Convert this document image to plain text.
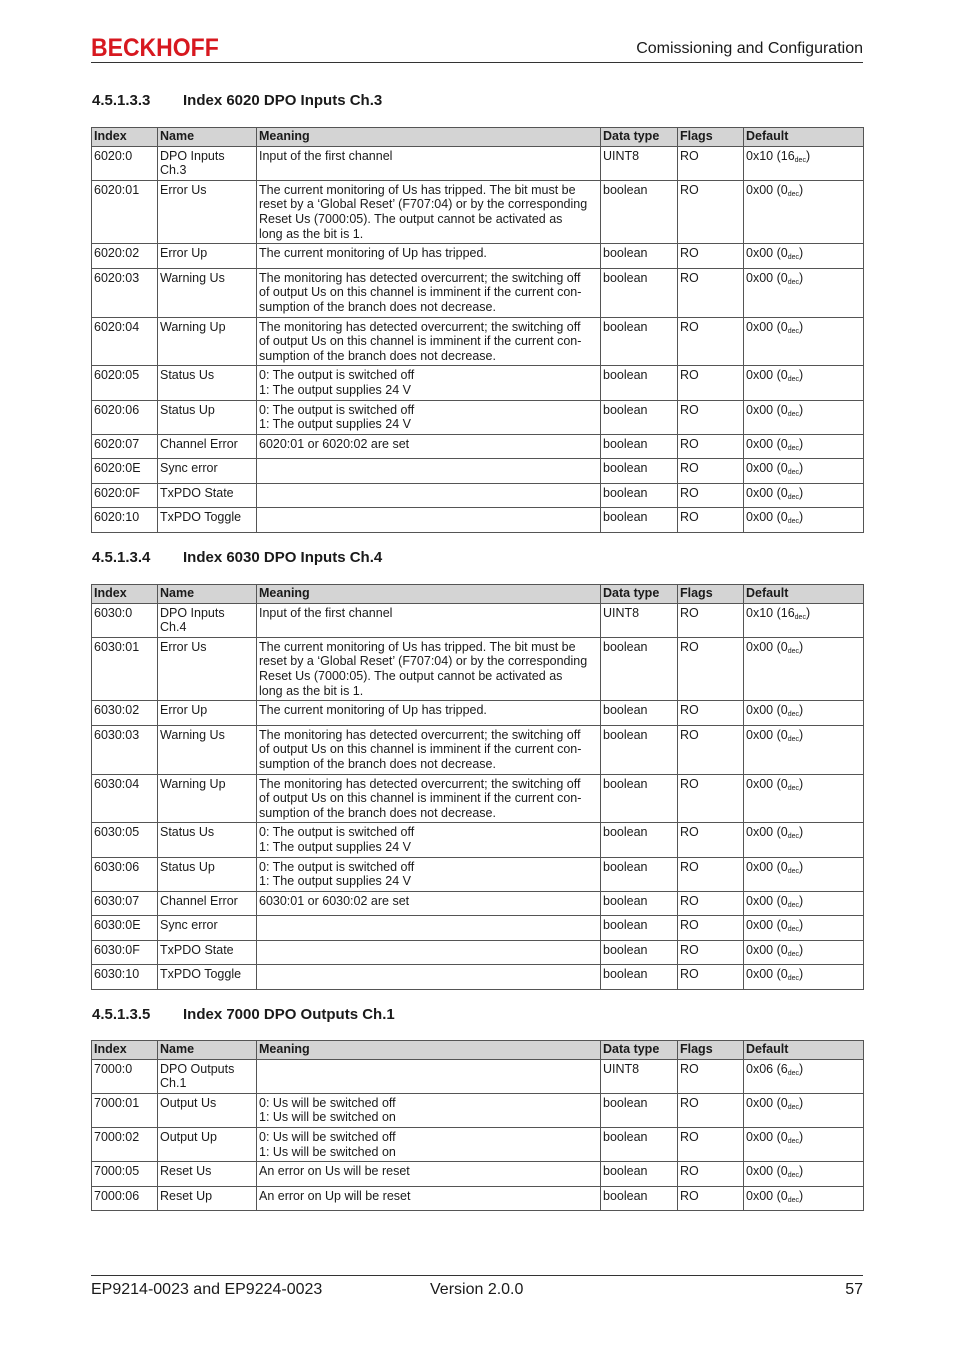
BECKHOFF	Comissioning and Configuration
4.5.1.3.3 Index 6020 DPO Inputs Ch.3
Index	Name	Meaning	Data type	Flags	Default
6020:0	DPO Inputs
Ch.3	Input of the first channel	UINT8	RO	0x10 $(16_{dec})$
6020:01	Error Us	The current monitoring of Us has tripped. The bit must be
reset by a ‘Global Reset’ (F707:04) or by the corresponding
Reset Us (7000:05). The output cannot be activated as
long as the bit is 1.	boolean	RO	0x00 $(0_{dec})$
6020:02	Error Up	The current monitoring of Up has tripped.	boolean	RO	0x00 $(0_{dec})$
6020:03	Warning Us	The monitoring has detected overcurrent; the switching off
of output Us on this channel is imminent if the current con-
sumption of the branch does not decrease.	boolean	RO	0x00 $(0_{dec})$
6020:04	Warning Up	The monitoring has detected overcurrent; the switching off
of output Us on this channel is imminent if the current con-
sumption of the branch does not decrease.	boolean	RO	0x00 $(0_{dec})$
6020:05	Status Us	0: The output is switched off
1: The output supplies 24 V	boolean	RO	0x00 $(0_{dec})$
6020:06	Status Up	0: The output is switched off
1: The output supplies 24 V	boolean	RO	0x00 $(0_{dec})$
6020:07	Channel Error	6020:01 or 6020:02 are set	boolean	RO	0x00 $(0_{dec})$
6020:0E	Sync error		boolean	RO	0x00 $(0_{dec})$
6020:0F	TxPDO State		boolean	RO	0x00 $(0_{dec})$
6020:10	TxPDO Toggle		boolean	RO	0x00 $(0_{dec})$
4.5.1.3.4 Index 6030 DPO Inputs Ch.4
Index	Name	Meaning	Data type	Flags	Default
6030:0	DPO Inputs
Ch.4	Input of the first channel	UINT8	RO	0x10 $(16_{dec})$
6030:01	Error Us	The current monitoring of Us has tripped. The bit must be
reset by a ‘Global Reset’ (F707:04) or by the corresponding
Reset Us (7000:05). The output cannot be activated as
long as the bit is 1.	boolean	RO	0x00 $(0_{dec})$
6030:02	Error Up	The current monitoring of Up has tripped.	boolean	RO	0x00 $(0_{dec})$
6030:03	Warning Us	The monitoring has detected overcurrent; the switching off
of output Us on this channel is imminent if the current con-
sumption of the branch does not decrease.	boolean	RO	0x00 $(0_{dec})$
6030:04	Warning Up	The monitoring has detected overcurrent; the switching off
of output Us on this channel is imminent if the current con-
sumption of the branch does not decrease.	boolean	RO	0x00 $(0_{dec})$
6030:05	Status Us	0: The output is switched off
1: The output supplies 24 V	boolean	RO	0x00 $(0_{dec})$
6030:06	Status Up	0: The output is switched off
1: The output supplies 24 V	boolean	RO	0x00 $(0_{dec})$
6030:07	Channel Error	6030:01 or 6030:02 are set	boolean	RO	0x00 $(0_{dec})$
6030:0E	Sync error		boolean	RO	0x00 $(0_{dec})$
6030:0F	TxPDO State		boolean	RO	0x00 $(0_{dec})$
6030:10	TxPDO Toggle		boolean	RO	0x00 $(0_{dec})$
4.5.1.3.5 Index 7000 DPO Outputs Ch.1
Index	Name	Meaning	Data type	Flags	Default
7000:0	DPO Outputs
Ch.1		UINT8	RO	0x06 $(6_{dec})$
7000:01	Output Us	0: Us will be switched off
1: Us will be switched on	boolean	RO	0x00 $(0_{dec})$
7000:02	Output Up	0: Us will be switched off
1: Us will be switched on	boolean	RO	0x00 $(0_{dec})$
7000:05	Reset Us	An error on Us will be reset	boolean	RO	0x00 $(0_{dec})$
7000:06	Reset Up	An error on Up will be reset	boolean	RO	0x00 $(0_{dec})$
EP9214-0023 and EP9224-0023	Version 2.0.0	57
